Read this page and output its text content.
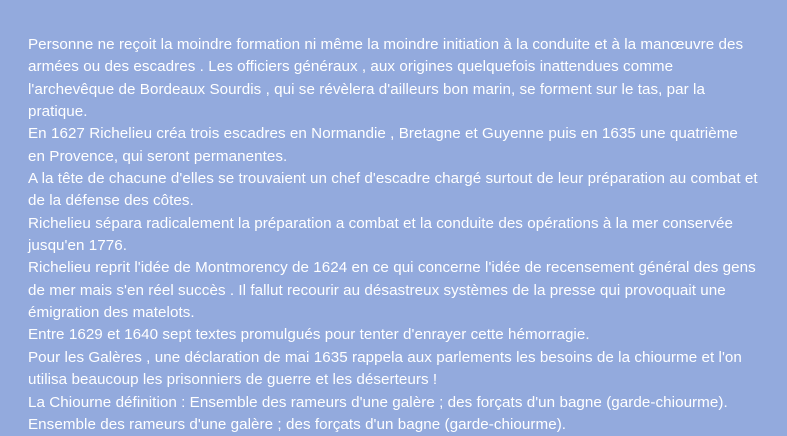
Personne ne reçoit la moindre formation ni même la moindre initiation à la conduite et à la manœuvre des armées ou des escadres . Les officiers généraux , aux origines quelquefois inattendues comme l'archevêque de Bordeaux Sourdis , qui se révèlera d'ailleurs bon marin, se forment sur le tas, par la pratique.

En 1627 Richelieu créa trois escadres en Normandie , Bretagne et Guyenne puis en 1635 une quatrième en Provence, qui seront permanentes.

A la tête de chacune d'elles se trouvaient un chef d'escadre chargé surtout de leur préparation au combat et de la défense des côtes.

Richelieu sépara radicalement la préparation a combat et la conduite des opérations à la mer conservée jusqu'en 1776.

Richelieu reprit l'idée de Montmorency de 1624 en ce qui concerne l'idée de recensement général des gens de mer mais s'en réel succès . Il fallut recourir au désastreux systèmes de la presse qui provoquait une émigration des matelots.

Entre 1629 et 1640 sept textes promulgués pour tenter d'enrayer cette hémorragie.

Pour les Galères , une déclaration de mai 1635 rappela aux parlements les besoins de la chiourme et l'on utilisa beaucoup les prisonniers de guerre et les déserteurs !

La Chiourne définition : Ensemble des rameurs d'une galère ; des forçats d'un bagne (garde-chiourme).

Ensemble des rameurs d'une galère ; des forçats d'un bagne (garde-chiourme).
